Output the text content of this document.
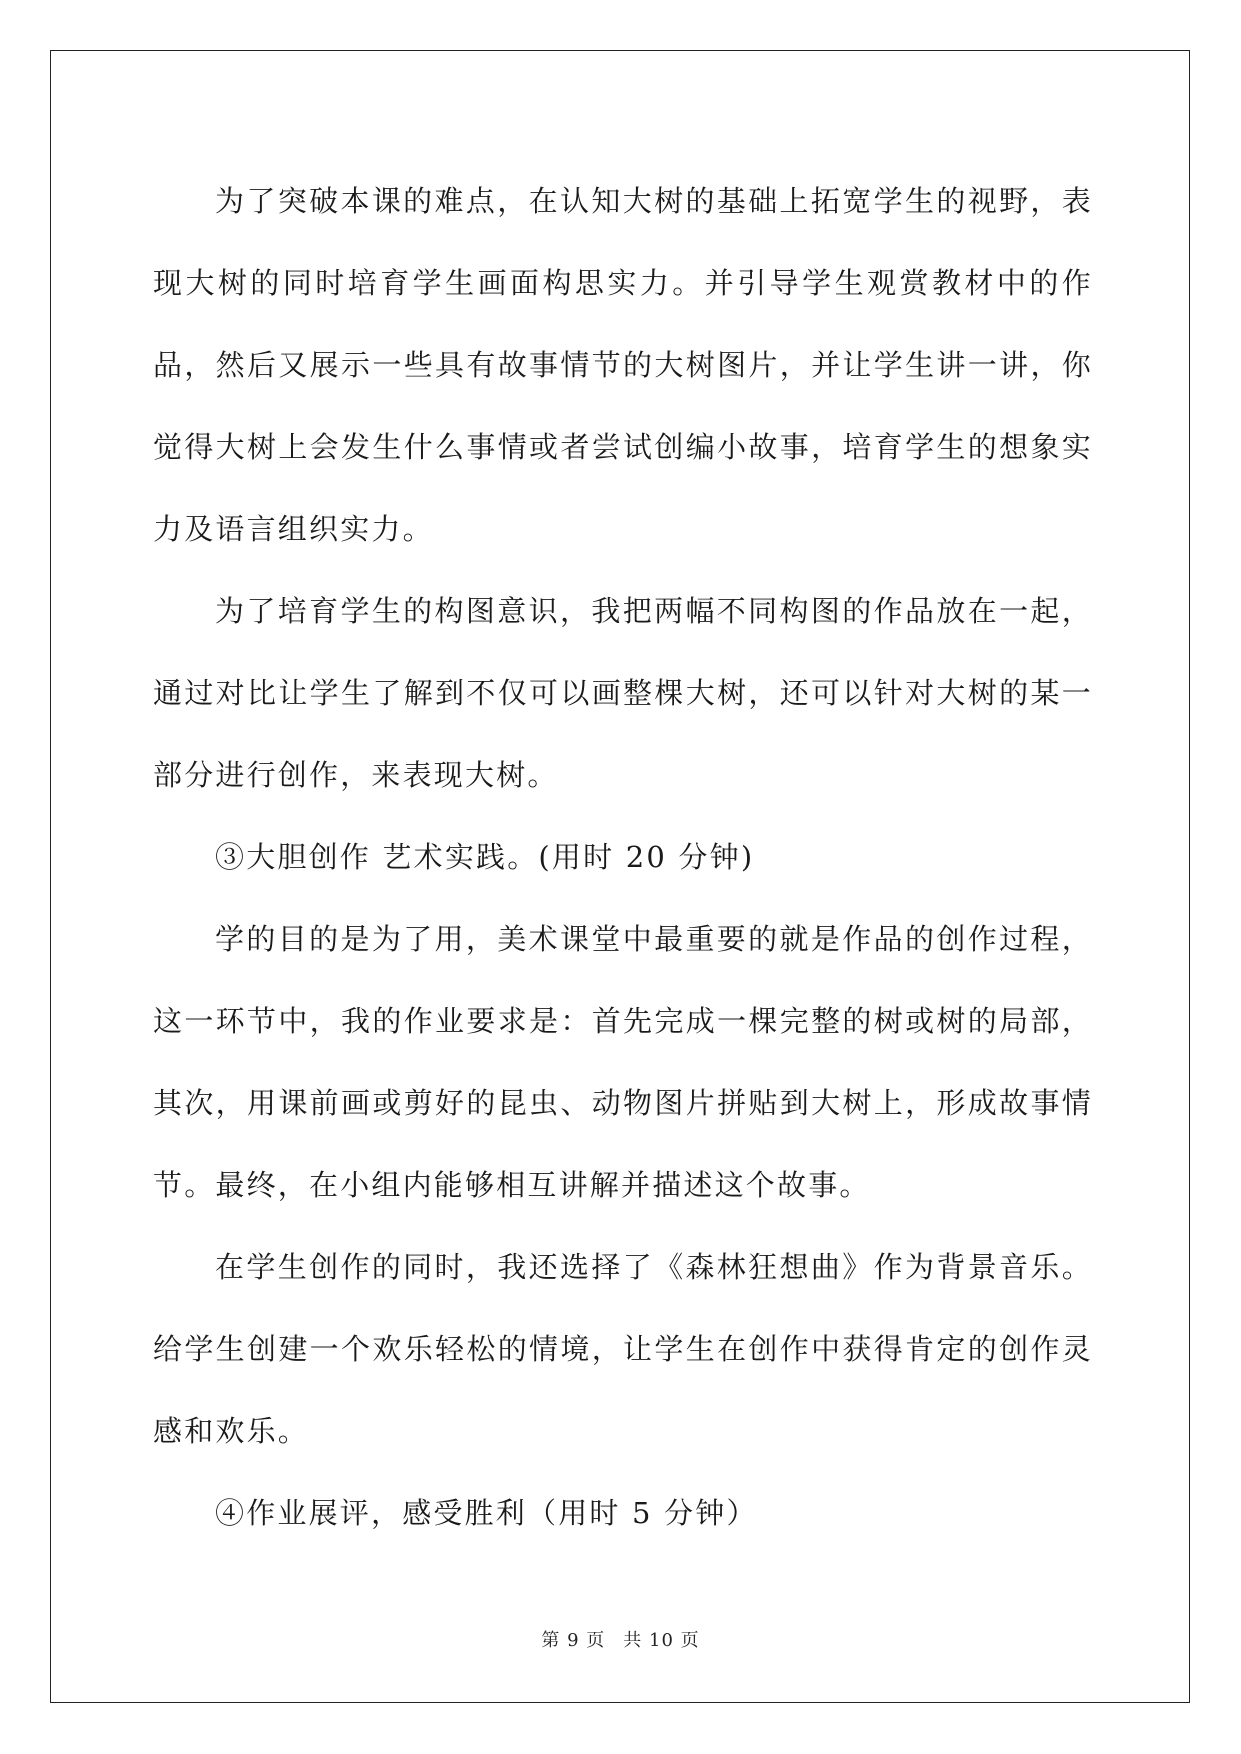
为了突破本课的难点，在认知大树的基础上拓宽学生的视野，表现大树的同时培育学生画面构思实力。并引导学生观赏教材中的作品，然后又展示一些具有故事情节的大树图片，并让学生讲一讲，你觉得大树上会发生什么事情或者尝试创编小故事，培育学生的想象实力及语言组织实力。

为了培育学生的构图意识，我把两幅不同构图的作品放在一起，通过对比让学生了解到不仅可以画整棵大树，还可以针对大树的某一部分进行创作，来表现大树。

③大胆创作 艺术实践。(用时 20 分钟)

学的目的是为了用，美术课堂中最重要的就是作品的创作过程，这一环节中，我的作业要求是：首先完成一棵完整的树或树的局部，其次，用课前画或剪好的昆虫、动物图片拼贴到大树上，形成故事情节。最终，在小组内能够相互讲解并描述这个故事。

在学生创作的同时，我还选择了《森林狂想曲》作为背景音乐。给学生创建一个欢乐轻松的情境，让学生在创作中获得肯定的创作灵感和欢乐。

④作业展评，感受胜利（用时 5 分钟）

第 9 页 共 10 页
